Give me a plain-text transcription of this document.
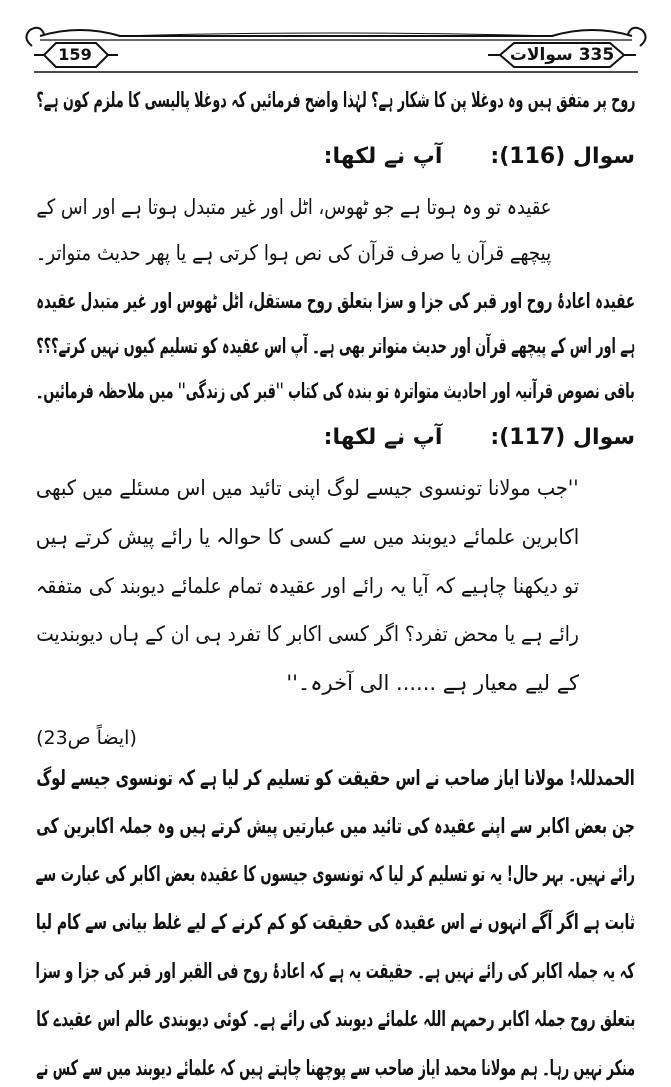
159	335 سوالات
روح پر متفق ہیں وہ دوغلا پن کا شکار ہے؟ لہٰذا واضح فرمائیں کہ دوغلا پالیسی کا ملزم کون ہے؟
سوال (116):آپ نے لکھا:
عقیدہ تو وہ ہوتا ہے جو ٹھوس، اٹل اور غیر متبدل ہوتا ہے اور اس کے
پیچھے قرآن یا صرف قرآن کی نص ہوا کرتی ہے یا پھر حدیث متواتر۔
عقیدہ اعادۂ روح اور قبر کی جزا و سزا بتعلق روح مستقل، اٹل ٹھوس اور غیر متبدل عقیدہ
ہے اور اس کے پیچھے قرآن اور حدیث متواتر بھی ہے۔ آپ اس عقیدہ کو تسلیم کیوں نہیں کرتے؟؟؟
باقی نصوص قرآنیہ اور احادیث متواترہ تو بندہ کی کتاب ''قبر کی زندگی'' میں ملاحظہ فرمائیں۔
سوال (117):آپ نے لکھا:
''جب مولانا تونسوی جیسے لوگ اپنی تائید میں اس مسئلے میں کبھی
اکابرین علمائے دیوبند میں سے کسی کا حوالہ یا رائے پیش کرتے ہیں
تو دیکھنا چاہیے کہ آیا یہ رائے اور عقیدہ تمام علمائے دیوبند کی متفقہ
رائے ہے یا محض تفرد؟ اگر کسی اکابر کا تفرد ہی ان کے ہاں دیوبندیت
کے لیے معیار ہے ...... الی آخرہ۔''
(ایضاً ص23)
الحمدللہ! مولانا ایاز صاحب نے اس حقیقت کو تسلیم کر لیا ہے کہ تونسوی جیسے لوگ
جن بعض اکابر سے اپنے عقیدہ کی تائید میں عبارتیں پیش کرتے ہیں وہ جملہ اکابرین کی
رائے نہیں۔ بہر حال! یہ تو تسلیم کر لیا کہ تونسوی جیسوں کا عقیدہ بعض اکابر کی عبارت سے
ثابت ہے اگر آگے انہوں نے اس عقیدہ کی حقیقت کو کم کرنے کے لیے غلط بیانی سے کام لیا
کہ یہ جملہ اکابر کی رائے نہیں ہے۔ حقیقت یہ ہے کہ اعادۂ روح فی القبر اور قبر کی جزا و سزا
بتعلق روح جملہ اکابر رحمہم اللہ علمائے دیوبند کی رائے ہے۔ کوئی دیوبندی عالم اس عقیدے کا
منکر نہیں رہا۔ ہم مولانا محمد ایاز صاحب سے پوچھنا چاہتے ہیں کہ علمائے دیوبند میں سے کس نے
